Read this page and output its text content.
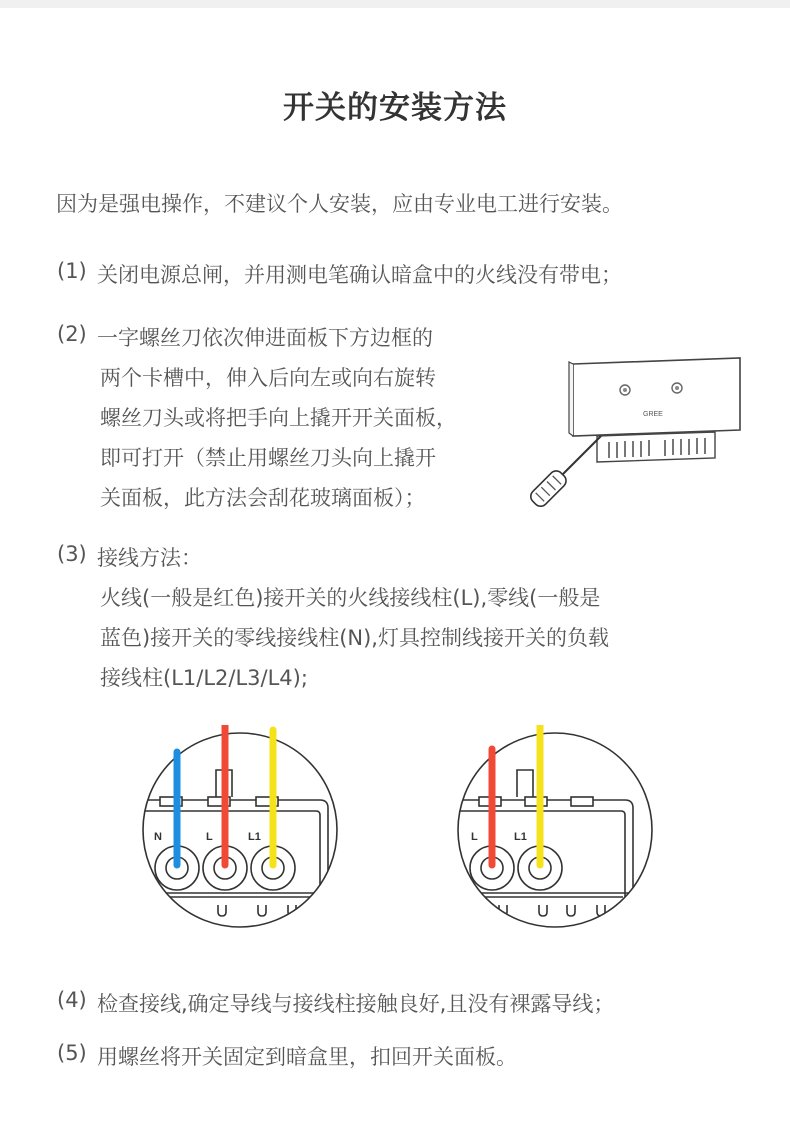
开关的安装方法
因为是强电操作，不建议个人安装，应由专业电工进行安装。
(1) 关闭电源总闸，并用测电笔确认暗盒中的火线没有带电；
(2) 一字螺丝刀依次伸进面板下方边框的
两个卡槽中，伸入后向左或向右旋转
螺丝刀头或将把手向上撬开开关面板，
即可打开（禁止用螺丝刀头向上撬开
关面板，此方法会刮花玻璃面板）；
GREE
(3) 接线方法：
火线(一般是红色)接开关的火线接线柱(L),零线(一般是
蓝色)接开关的零线接线柱(N),灯具控制线接开关的负载
接线柱(L1/L2/L3/L4);
N	L	L1	L	L1
(4) 检查接线,确定导线与接线柱接触良好,且没有裸露导线；
(5) 用螺丝将开关固定到暗盒里，扣回开关面板。
